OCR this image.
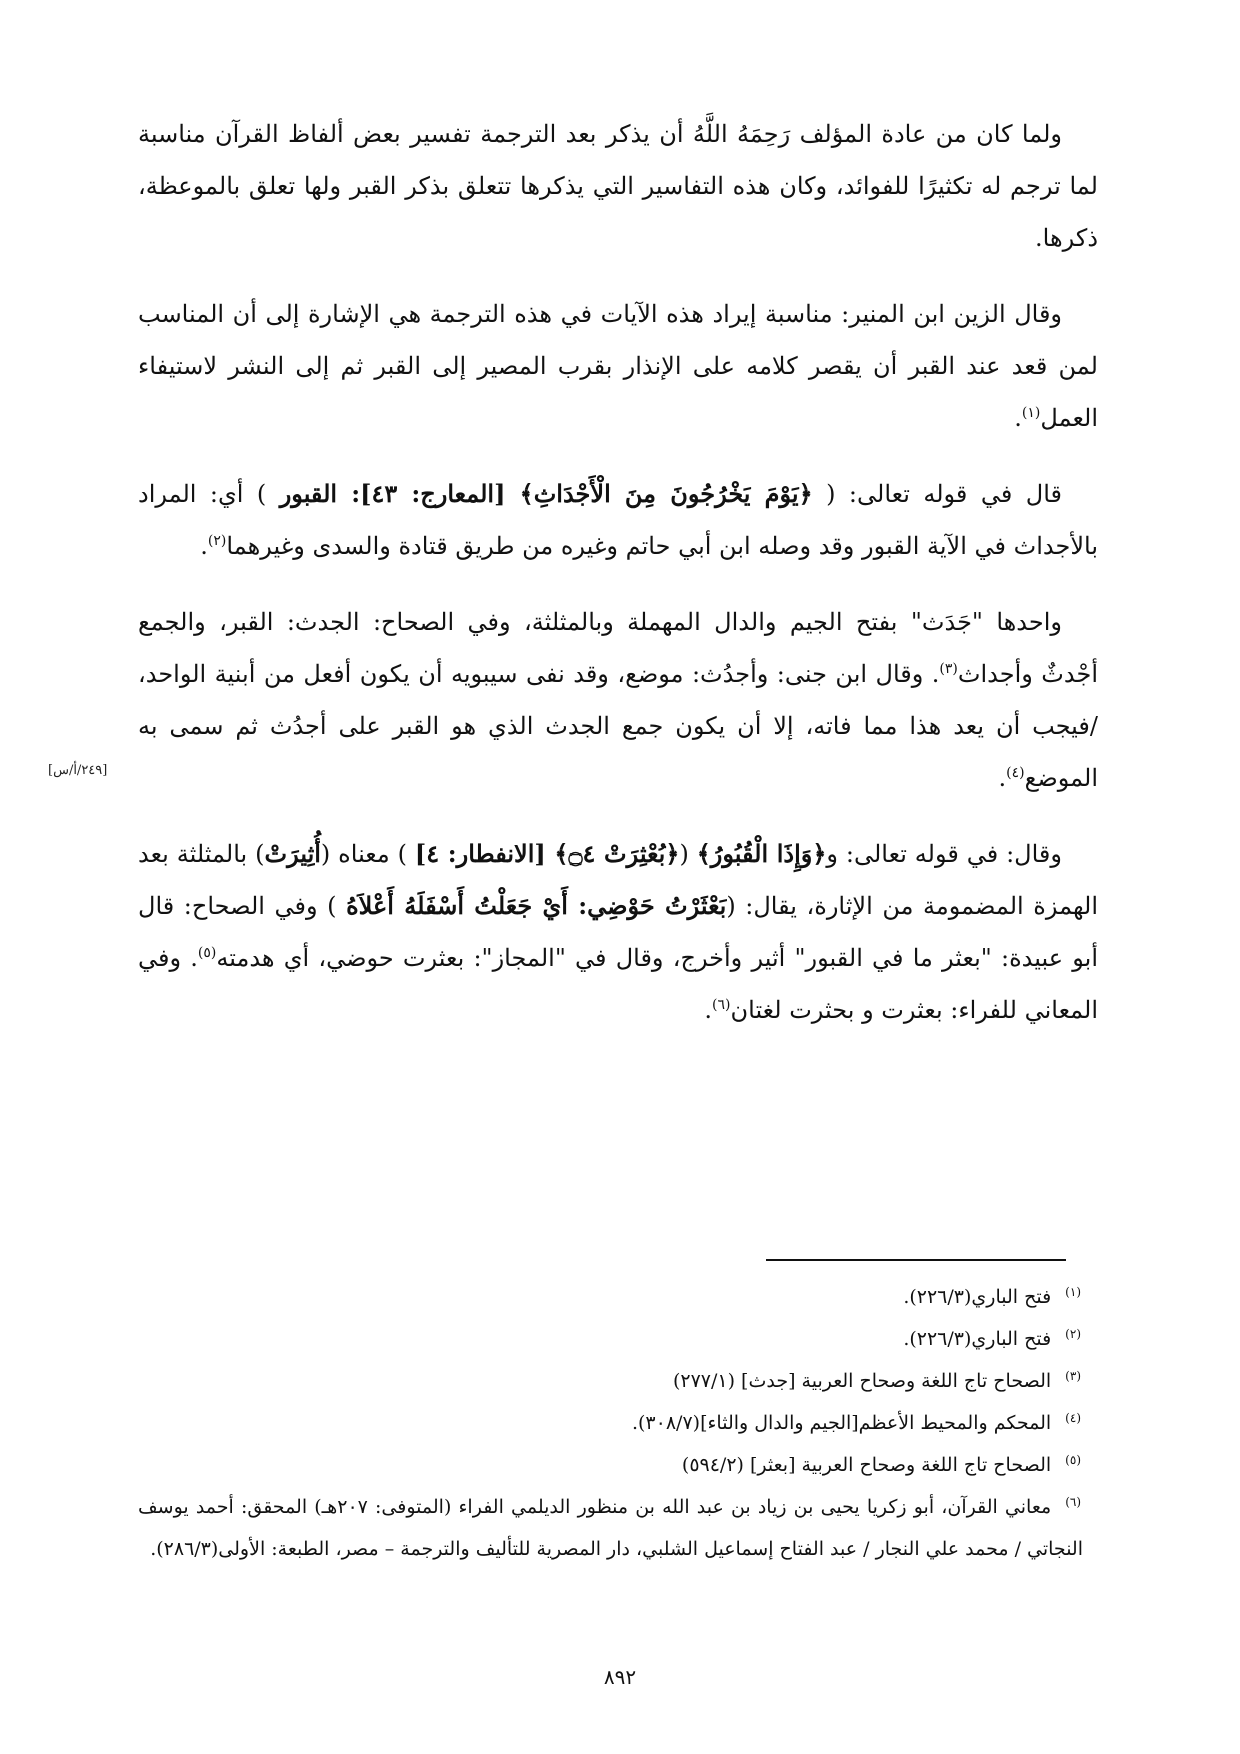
ولما كان من عادة المؤلف رَحِمَهُ اللَّهُ أن يذكر بعد الترجمة تفسير بعض ألفاظ القرآن مناسبة لما ترجم له تكثيرًا للفوائد، وكان هذه التفاسير التي يذكرها تتعلق بذكر القبر ولها تعلق بالموعظة، ذكرها.

وقال الزين ابن المنير: مناسبة إيراد هذه الآيات في هذه الترجمة هي الإشارة إلى أن المناسب لمن قعد عند القبر أن يقصر كلامه على الإنذار بقرب المصير إلى القبر ثم إلى النشر لاستيفاء العمل$^{(١)}$.

قال في قوله تعالى: ( ﴿يَوْمَ يَخْرُجُونَ مِنَ الْأَجْدَاثِ﴾ [المعارج: ٤٣]: القبور ) أي: المراد بالأجداث في الآية القبور وقد وصله ابن أبي حاتم وغيره من طريق قتادة والسدى وغيرهما$^{(٢)}$.

واحدها "جَدَث" بفتح الجيم والدال المهملة وبالمثلثة، وفي الصحاح: الجدث: القبر، والجمع أجْدثٌ وأجداث$^{(٣)}$. وقال ابن جنى: وأجدُث: موضع، وقد نفى سيبويه أن يكون أفعل من أبنية الواحد، /فيجب أن يعد هذا مما فاته، إلا أن يكون جمع الجدث الذي هو القبر على أجدُث ثم سمى به الموضع$^{(٤)}$.

وقال: في قوله تعالى: و﴿وَإِذَا الْقُبُورُ﴾ (﴿بُعْثِرَتْ ۝٤﴾ [الانفطار: ٤] ) معناه (أُثِيرَتْ) بالمثلثة بعد الهمزة المضمومة من الإثارة، يقال: (بَعْثَرْتُ حَوْضِي: أَيْ جَعَلْتُ أَسْفَلَهُ أَعْلاَهُ ) وفي الصحاح: قال أبو عبيدة: "بعثر ما في القبور" أثير وأخرج، وقال في "المجاز": بعثرت حوضي، أي هدمته$^{(٥)}$. وفي المعاني للفراء: بعثرت و بحثرت لغتان$^{(٦)}$.

[٢٤٩/أ/س]

$^{(١)}$فتح الباري(٢٢٦/٣).

$^{(٢)}$فتح الباري(٢٢٦/٣).

$^{(٣)}$الصحاح تاج اللغة وصحاح العربية [جدث] (٢٧٧/١)

$^{(٤)}$المحكم والمحيط الأعظم[الجيم والدال والثاء](٣٠٨/٧).

$^{(٥)}$الصحاح تاج اللغة وصحاح العربية [بعثر] (٥٩٤/٢)

$^{(٦)}$معاني القرآن، أبو زكريا يحيى بن زياد بن عبد الله بن منظور الديلمي الفراء (المتوفى: ٢٠٧هـ) المحقق: أحمد يوسف النجاتي / محمد علي النجار / عبد الفتاح إسماعيل الشلبي، دار المصرية للتأليف والترجمة – مصر، الطبعة: الأولى(٢٨٦/٣).

٨٩٢
